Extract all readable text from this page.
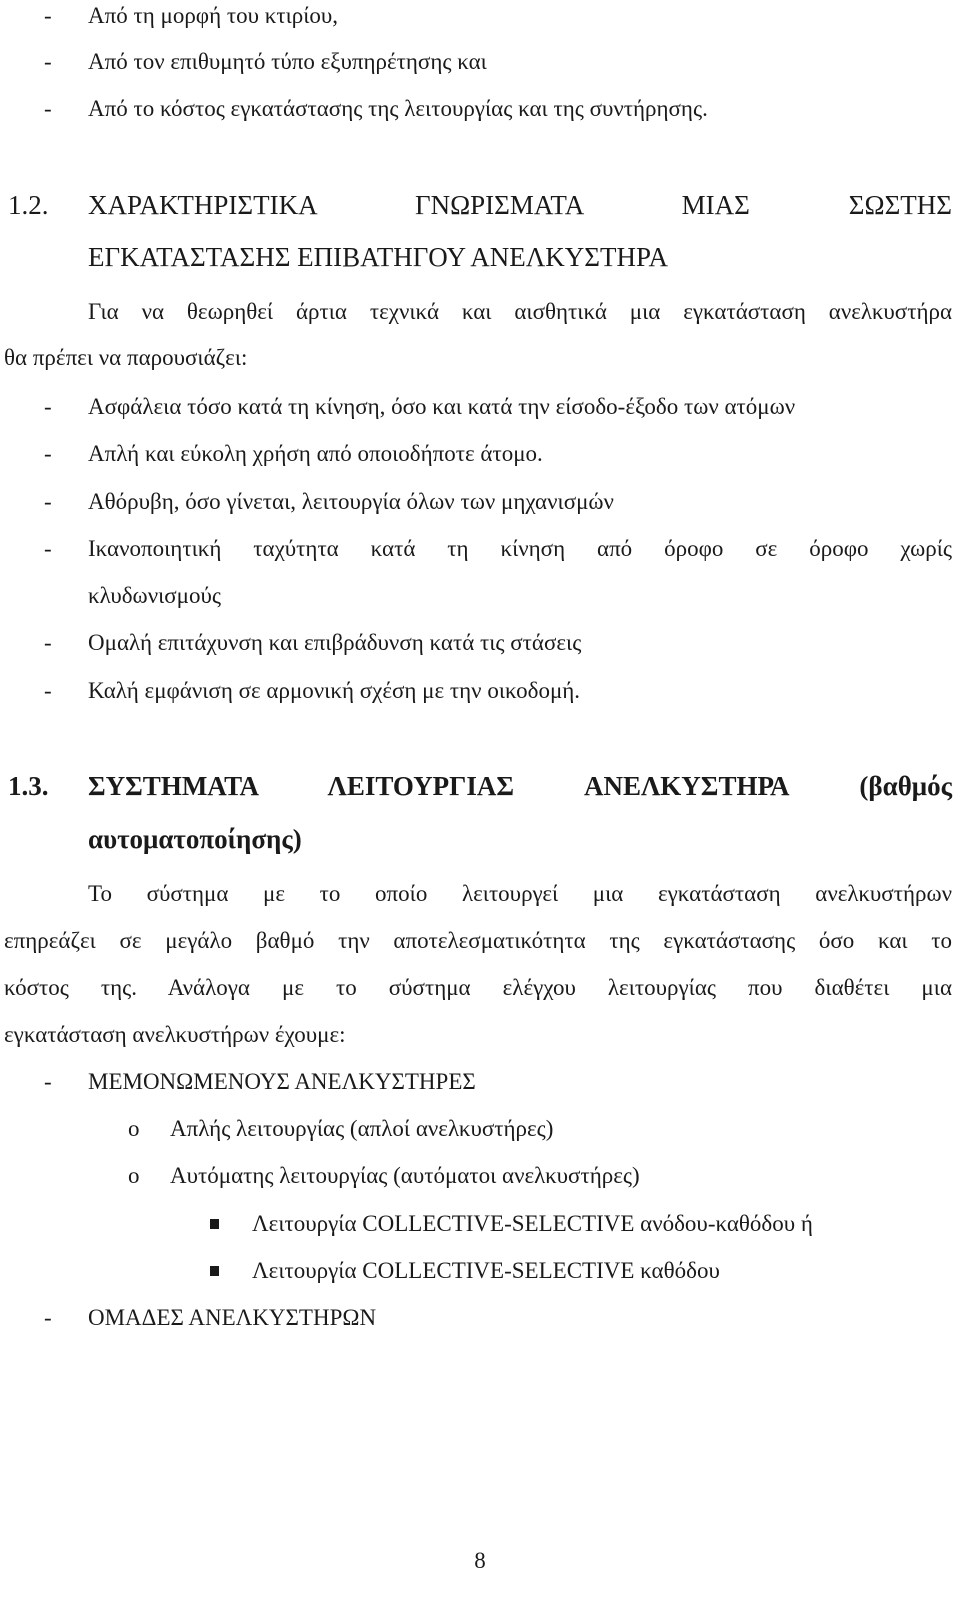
- Από τη μορφή του κτιρίου,
- Από τον επιθυμητό τύπο εξυπηρέτησης και
- Από το κόστος εγκατάστασης της λειτουργίας και της συντήρησης.
1.2. ΧΑΡΑΚΤΗΡΙΣΤΙΚΑ ΓΝΩΡΙΣΜΑΤΑ ΜΙΑΣ ΣΩΣΤΗΣ
ΕΓΚΑΤΑΣΤΑΣΗΣ ΕΠΙΒΑΤΗΓΟΥ ΑΝΕΛΚΥΣΤΗΡΑ
Για να θεωρηθεί άρτια τεχνικά και αισθητικά μια εγκατάσταση ανελκυστήρα
θα πρέπει να παρουσιάζει:
- Ασφάλεια τόσο κατά τη κίνηση, όσο και κατά την είσοδο-έξοδο των ατόμων
- Απλή και εύκολη χρήση από οποιοδήποτε άτομο.
- Αθόρυβη, όσο γίνεται, λειτουργία όλων των μηχανισμών
- Ικανοποιητική ταχύτητα κατά τη κίνηση από όροφο σε όροφο χωρίς
κλυδωνισμούς
- Ομαλή επιτάχυνση και επιβράδυνση κατά τις στάσεις
- Καλή εμφάνιση σε αρμονική σχέση με την οικοδομή.
1.3. ΣΥΣΤΗΜΑΤΑ ΛΕΙΤΟΥΡΓΙΑΣ ΑΝΕΛΚΥΣΤΗΡΑ (βαθμός
αυτοματοποίησης)
Το σύστημα με το οποίο λειτουργεί μια εγκατάσταση ανελκυστήρων
επηρεάζει σε μεγάλο βαθμό την αποτελεσματικότητα της εγκατάστασης όσο και το
κόστος της. Ανάλογα με το σύστημα ελέγχου λειτουργίας που διαθέτει μια
εγκατάσταση ανελκυστήρων έχουμε:
- ΜΕΜΟΝΩΜΕΝΟΥΣ ΑΝΕΛΚΥΣΤΗΡΕΣ
o Απλής λειτουργίας (απλοί ανελκυστήρες)
o Αυτόματης λειτουργίας (αυτόματοι ανελκυστήρες)
Λειτουργία COLLECTIVE-SELECTIVE ανόδου-καθόδου ή
Λειτουργία COLLECTIVE-SELECTIVE καθόδου
- ΟΜΑΔΕΣ ΑΝΕΛΚΥΣΤΗΡΩΝ
8
